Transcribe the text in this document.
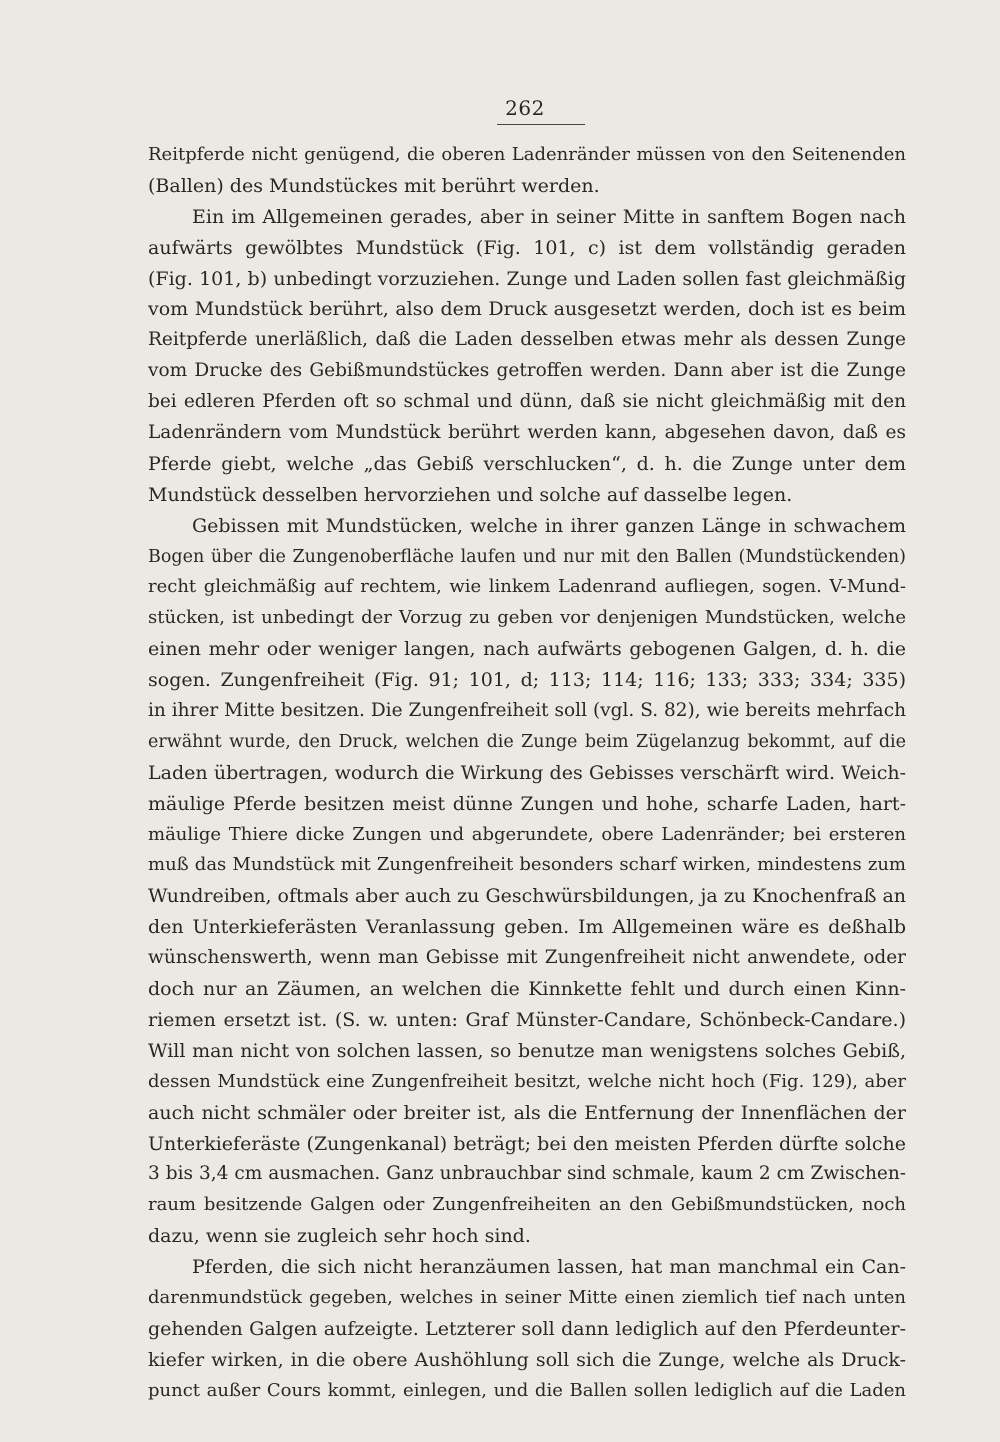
262
Reitpferde nicht genügend, die oberen Ladenränder müssen von den Seitenenden
(Ballen) des Mundstückes mit berührt werden.
Ein im Allgemeinen gerades, aber in seiner Mitte in sanftem Bogen nach
aufwärts gewölbtes Mundstück (Fig. 101, c) ist dem vollständig geraden
(Fig. 101, b) unbedingt vorzuziehen. Zunge und Laden sollen fast gleichmäßig
vom Mundstück berührt, also dem Druck ausgesetzt werden, doch ist es beim
Reitpferde unerläßlich, daß die Laden desselben etwas mehr als dessen Zunge
vom Drucke des Gebißmundstückes getroffen werden. Dann aber ist die Zunge
bei edleren Pferden oft so schmal und dünn, daß sie nicht gleichmäßig mit den
Ladenrändern vom Mundstück berührt werden kann, abgesehen davon, daß es
Pferde giebt, welche „das Gebiß verschlucken“, d. h. die Zunge unter dem
Mundstück desselben hervorziehen und solche auf dasselbe legen.
Gebissen mit Mundstücken, welche in ihrer ganzen Länge in schwachem
Bogen über die Zungenoberfläche laufen und nur mit den Ballen (Mundstückenden)
recht gleichmäßig auf rechtem, wie linkem Ladenrand aufliegen, sogen. V-Mund-
stücken, ist unbedingt der Vorzug zu geben vor denjenigen Mundstücken, welche
einen mehr oder weniger langen, nach aufwärts gebogenen Galgen, d. h. die
sogen. Zungenfreiheit (Fig. 91; 101, d; 113; 114; 116; 133; 333; 334; 335)
in ihrer Mitte besitzen. Die Zungenfreiheit soll (vgl. S. 82), wie bereits mehrfach
erwähnt wurde, den Druck, welchen die Zunge beim Zügelanzug bekommt, auf die
Laden übertragen, wodurch die Wirkung des Gebisses verschärft wird. Weich-
mäulige Pferde besitzen meist dünne Zungen und hohe, scharfe Laden, hart-
mäulige Thiere dicke Zungen und abgerundete, obere Ladenränder; bei ersteren
muß das Mundstück mit Zungenfreiheit besonders scharf wirken, mindestens zum
Wundreiben, oftmals aber auch zu Geschwürsbildungen, ja zu Knochenfraß an
den Unterkieferästen Veranlassung geben. Im Allgemeinen wäre es deßhalb
wünschenswerth, wenn man Gebisse mit Zungenfreiheit nicht anwendete, oder
doch nur an Zäumen, an welchen die Kinnkette fehlt und durch einen Kinn-
riemen ersetzt ist. (S. w. unten: Graf Münster-Candare, Schönbeck-Candare.)
Will man nicht von solchen lassen, so benutze man wenigstens solches Gebiß,
dessen Mundstück eine Zungenfreiheit besitzt, welche nicht hoch (Fig. 129), aber
auch nicht schmäler oder breiter ist, als die Entfernung der Innenflächen der
Unterkieferäste (Zungenkanal) beträgt; bei den meisten Pferden dürfte solche
3 bis 3,4 cm ausmachen. Ganz unbrauchbar sind schmale, kaum 2 cm Zwischen-
raum besitzende Galgen oder Zungenfreiheiten an den Gebißmundstücken, noch
dazu, wenn sie zugleich sehr hoch sind.
Pferden, die sich nicht heranzäumen lassen, hat man manchmal ein Can-
darenmundstück gegeben, welches in seiner Mitte einen ziemlich tief nach unten
gehenden Galgen aufzeigte. Letzterer soll dann lediglich auf den Pferdeunter-
kiefer wirken, in die obere Aushöhlung soll sich die Zunge, welche als Druck-
punct außer Cours kommt, einlegen, und die Ballen sollen lediglich auf die Laden
